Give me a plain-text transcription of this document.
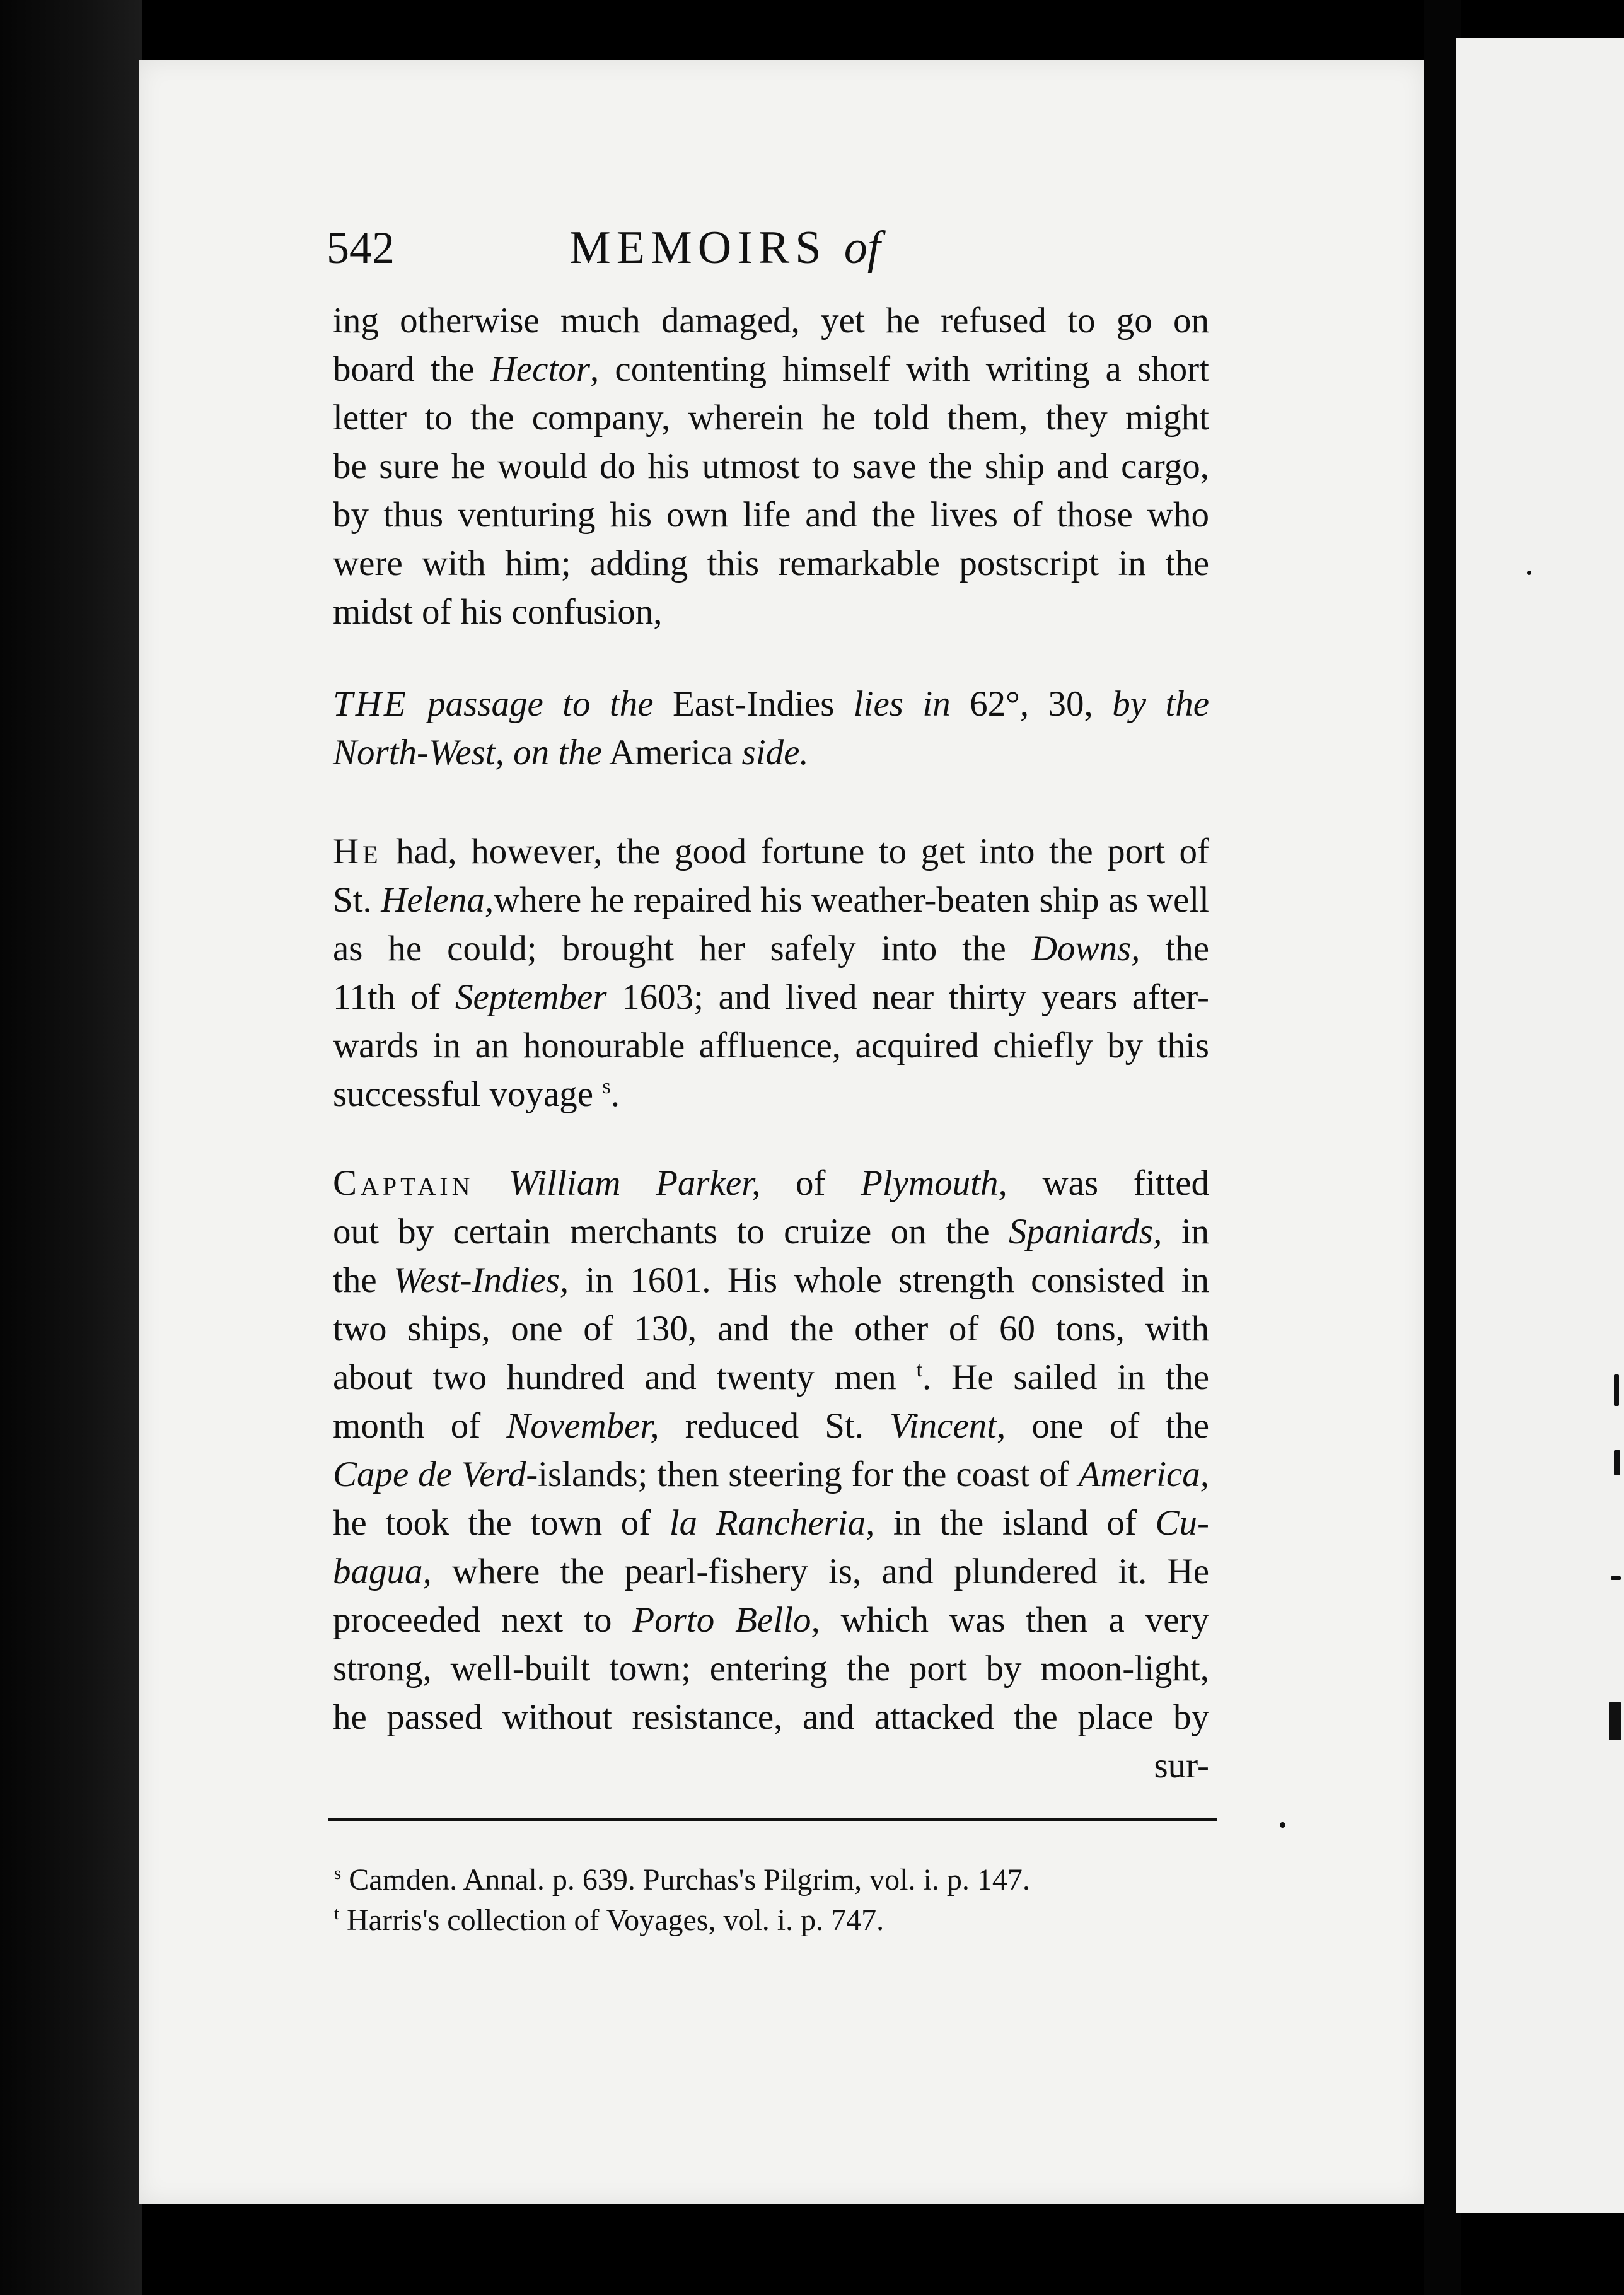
542	MEMOIRS of
ing otherwise much damaged, yet he refused to go on
board the Hector, contenting himself with writing a short
letter to the company, wherein he told them, they might
be sure he would do his utmost to save the ship and cargo,
by thus venturing his own life and the lives of those who
were with him; adding this remarkable postscript in the
midst of his confusion,
THE passage to the East-Indies lies in 62°, 30, by the
North-West, on the America side.
He had, however, the good fortune to get into the port of
St. Helena,where he repaired his weather-beaten ship as well
as he could; brought her safely into the Downs, the
11th of September 1603; and lived near thirty years after-
wards in an honourable affluence, acquired chiefly by this
successful voyage $^s$.
Captain William Parker, of Plymouth, was fitted
out by certain merchants to cruize on the Spaniards, in
the West-Indies, in 1601. His whole strength consisted in
two ships, one of 130, and the other of 60 tons, with
about two hundred and twenty men $^t$. He sailed in the
month of November, reduced St. Vincent, one of the
Cape de Verd-islands; then steering for the coast of America,
he took the town of la Rancheria, in the island of Cu-
bagua, where the pearl-fishery is, and plundered it. He
proceeded next to Porto Bello, which was then a very
strong, well-built town; entering the port by moon-light,
he passed without resistance, and attacked the place by
sur-
$^s$ Camden. Annal. p. 639. Purchas's Pilgrim, vol. i. p. 147.
$^t$ Harris's collection of Voyages, vol. i. p. 747.
